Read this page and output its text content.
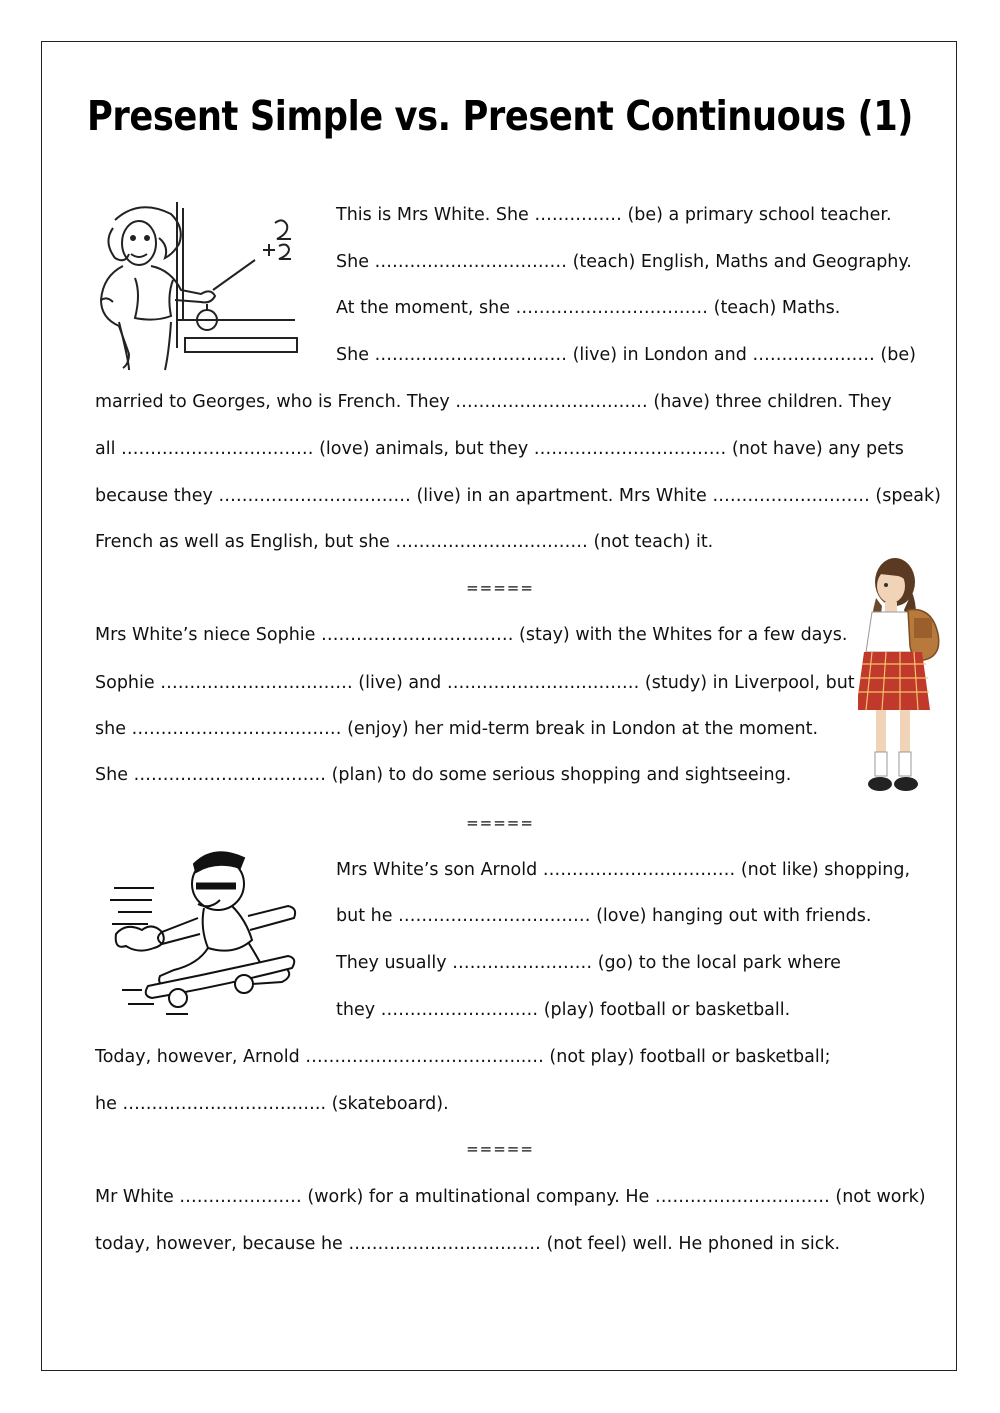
Present Simple vs. Present Continuous (1)
This is Mrs White. She …………… (be) a primary school teacher.
She …………………………… (teach) English, Maths and Geography.
At the moment, she …………………………… (teach) Maths.
She …………………………… (live) in London and ………………… (be)
married to Georges, who is French. They …………………………… (have) three children. They
all …………………………… (love) animals, but they …………………………… (not have) any pets
because they …………………………… (live) in an apartment. Mrs White ……………………… (speak)
French as well as English, but she …………………………… (not teach) it.
=====
Mrs White’s niece Sophie …………………………… (stay) with the Whites for a few days.
Sophie …………………………… (live) and …………………………… (study) in Liverpool, but
she ……………………………… (enjoy) her mid-term break in London at the moment.
She …………………………… (plan) to do some serious shopping and sightseeing.
=====
Mrs White’s son Arnold …………………………… (not like) shopping,
but he …………………………… (love) hanging out with friends.
They usually …………………… (go) to the local park where
they ……………………… (play) football or basketball.
Today, however, Arnold ………………………………..… (not play) football or basketball;
he …………………………….. (skateboard).
=====
Mr White ………………… (work) for a multinational company. He ………………………… (not work)
today, however, because he …………………………… (not feel) well. He phoned in sick.
